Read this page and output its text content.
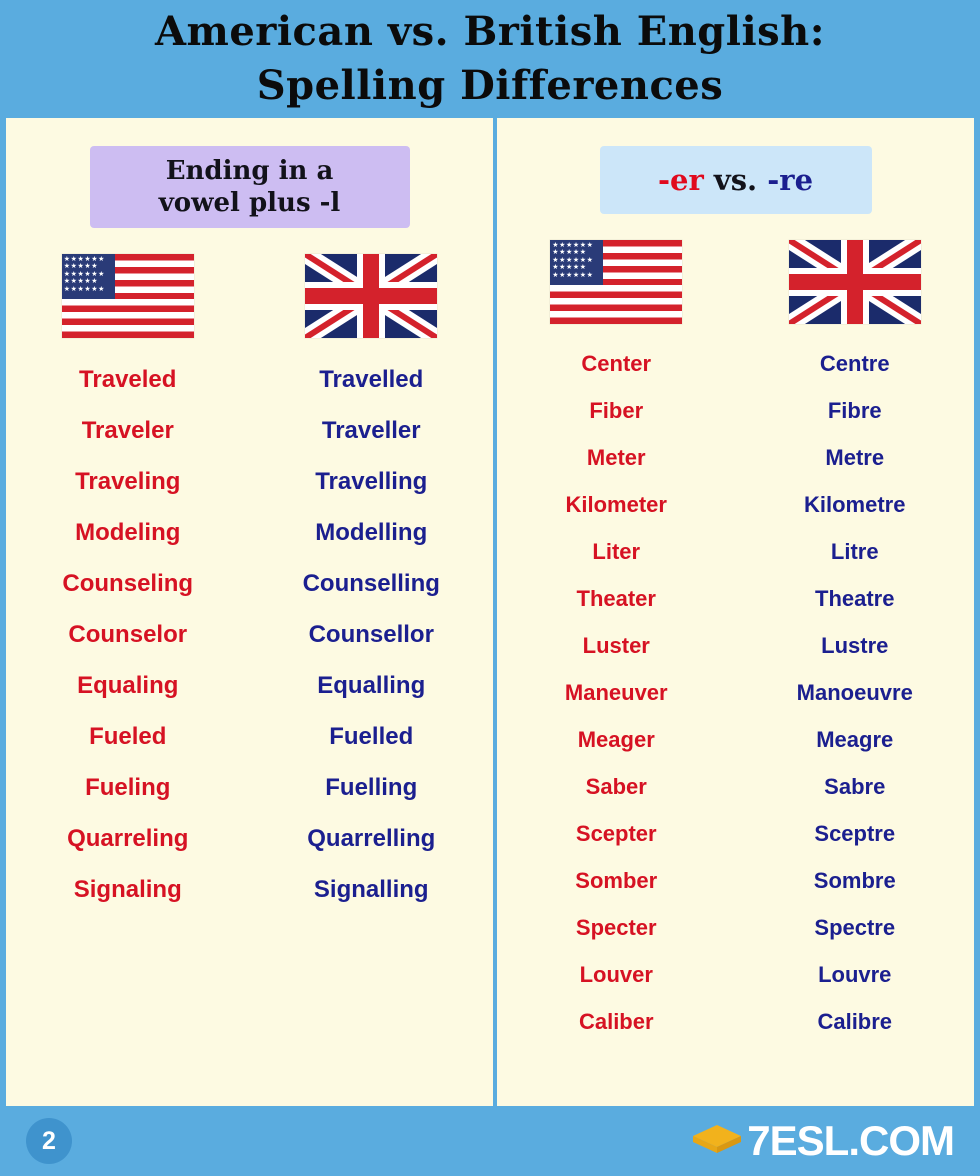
American vs. British English:
Spelling Differences
Ending in a
vowel plus -l
★★★★★★
★★★★★
★★★★★★
★★★★★
★★★★★★
Traveled	Travelled
Traveler	Traveller
Traveling	Travelling
Modeling	Modelling
Counseling	Counselling
Counselor	Counsellor
Equaling	Equalling
Fueled	Fuelled
Fueling	Fuelling
Quarreling	Quarrelling
Signaling	Signalling
-er
vs.
-re
★★★★★★
★★★★★
★★★★★★
★★★★★
★★★★★★
Center	Centre
Fiber	Fibre
Meter	Metre
Kilometer	Kilometre
Liter	Litre
Theater	Theatre
Luster	Lustre
Maneuver	Manoeuvre
Meager	Meagre
Saber	Sabre
Scepter	Sceptre
Somber	Sombre
Specter	Spectre
Louver	Louvre
Caliber	Calibre
2	7ESL.COM
